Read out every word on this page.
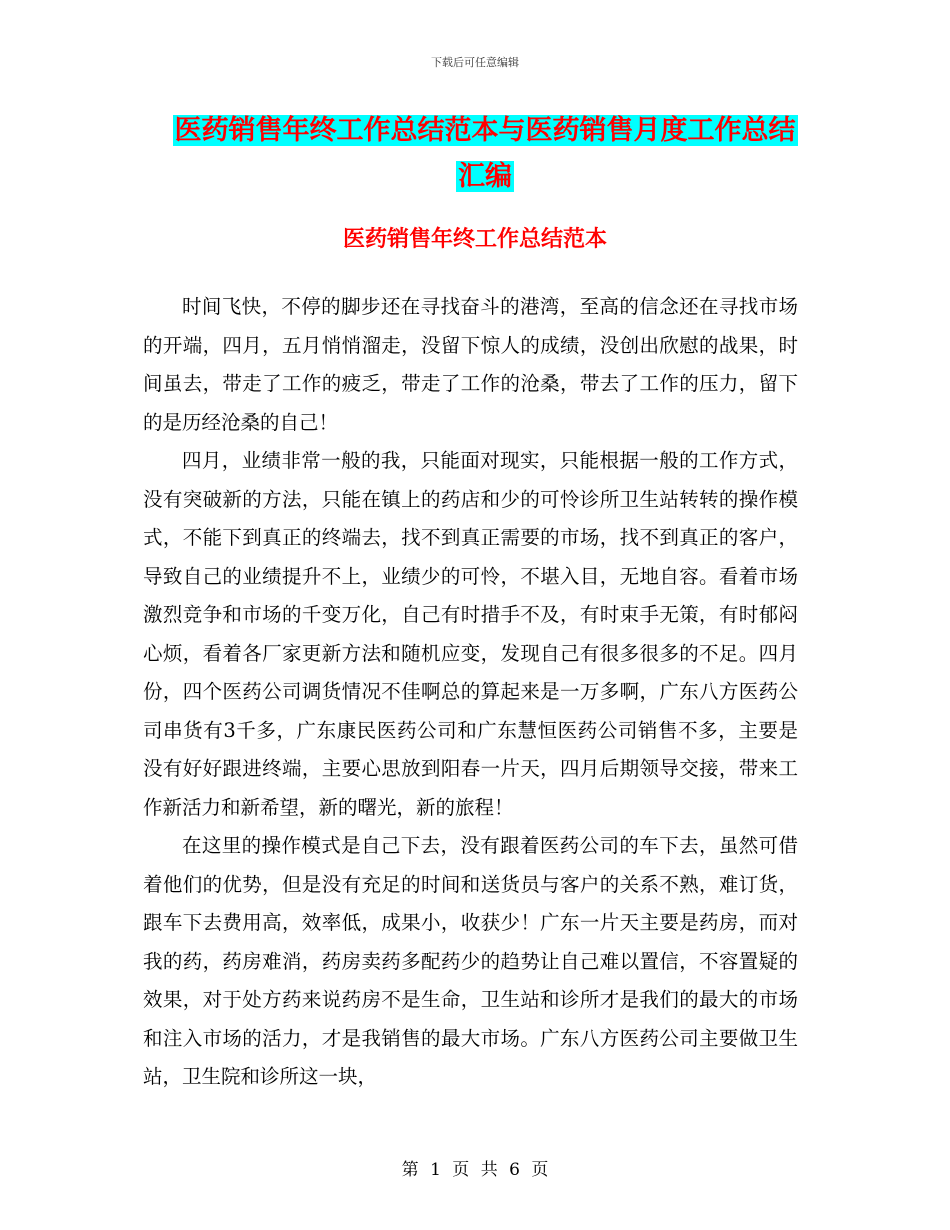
下载后可任意编辑
医药销售年终工作总结范本与医药销售月度工作总结
汇编
医药销售年终工作总结范本

时间飞快，不停的脚步还在寻找奋斗的港湾，至高的信念还在寻找市场的开端，四月，五月悄悄溜走，没留下惊人的成绩，没创出欣慰的战果，时间虽去，带走了工作的疲乏，带走了工作的沧桑，带去了工作的压力，留下的是历经沧桑的自己！

四月，业绩非常一般的我，只能面对现实，只能根据一般的工作方式，没有突破新的方法，只能在镇上的药店和少的可怜诊所卫生站转转的操作模式，不能下到真正的终端去，找不到真正需要的市场，找不到真正的客户，导致自己的业绩提升不上，业绩少的可怜，不堪入目，无地自容。看着市场激烈竞争和市场的千变万化，自己有时措手不及，有时束手无策，有时郁闷心烦，看着各厂家更新方法和随机应变，发现自己有很多很多的不足。四月份，四个医药公司调货情况不佳啊总的算起来是一万多啊，广东八方医药公司串货有3千多，广东康民医药公司和广东慧恒医药公司销售不多，主要是没有好好跟进终端，主要心思放到阳春一片天，四月后期领导交接，带来工作新活力和新希望，新的曙光，新的旅程！

在这里的操作模式是自己下去，没有跟着医药公司的车下去，虽然可借着他们的优势，但是没有充足的时间和送货员与客户的关系不熟，难订货，跟车下去费用高，效率低，成果小，收获少！广东一片天主要是药房，而对我的药，药房难消，药房卖药多配药少的趋势让自己难以置信，不容置疑的效果，对于处方药来说药房不是生命，卫生站和诊所才是我们的最大的市场和注入市场的活力，才是我销售的最大市场。广东八方医药公司主要做卫生站，卫生院和诊所这一块，

第 1 页 共 6 页
